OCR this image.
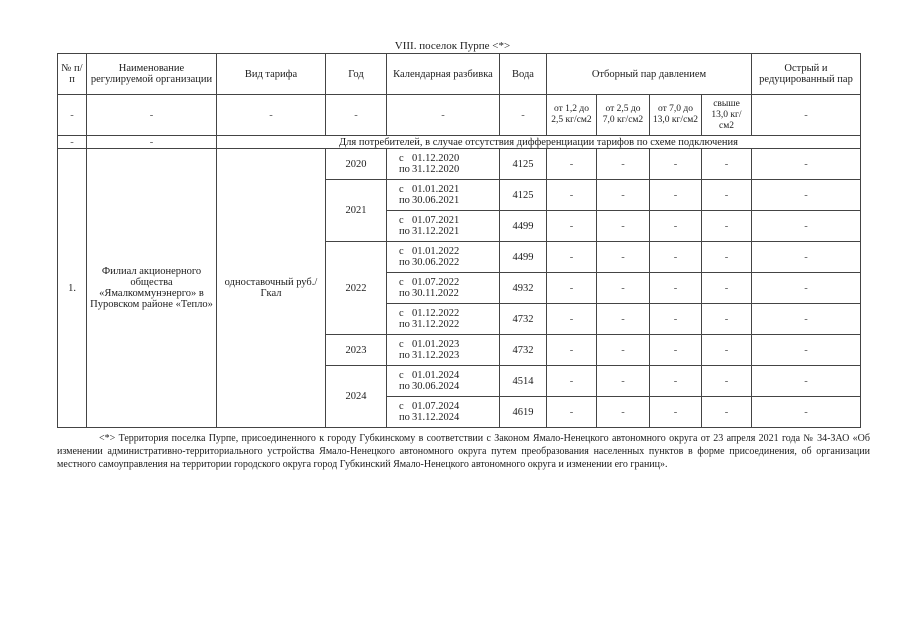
VIII. поселок Пурпе <*>
№ п/п	Наименование регулируемой организации	Вид тарифа	Год	Календарная разбивка	Вода	Отборный пар давлением				Острый и редуцированный пар
-	-	-	-	-	-	от 1,2 до 2,5 кг/см2	от 2,5 до 7,0 кг/см2	от 7,0 до 13,0 кг/см2	свыше 13,0 кг/см2	-
-	-	Для потребителей, в случае отсутствия дифференциации тарифов по схеме подключения								
1.	Филиал акционерного общества «Ямалкоммунэнерго» в Пуровском районе «Тепло»	одноставочный руб./Гкал	2020	с 01.12.2020
по 31.12.2020	4125	-	-	-	-	-
			2021	с 01.01.2021
по 30.06.2021	4125	-	-	-	-	-

				с 01.07.2021
по 31.12.2021	4499	-	-	-	-	-
			2022	с 01.01.2022
по 30.06.2022	4499	-	-	-	-	-

				с 01.07.2022
по 30.11.2022	4932	-	-	-	-	-

				с 01.12.2022
по 31.12.2022	4732	-	-	-	-	-
			2023	с 01.01.2023
по 31.12.2023	4732	-	-	-	-	-
			2024	с 01.01.2024
по 30.06.2024	4514	-	-	-	-	-

				с 01.07.2024
по 31.12.2024	4619	-	-	-	-	-
<*> Территория поселка Пурпе, присоединенного к городу Губкинскому в соответствии с Законом Ямало-Ненецкого автономного округа от 23 апреля 2021 года № 34-ЗАО «Об изменении административно-территориального устройства Ямало-Ненецкого автономного округа путем преобразования населенных пунктов в форме присоединения, об организации местного самоуправления на территории городского округа город Губкинский Ямало-Ненецкого автономного округа и изменении его границ».
